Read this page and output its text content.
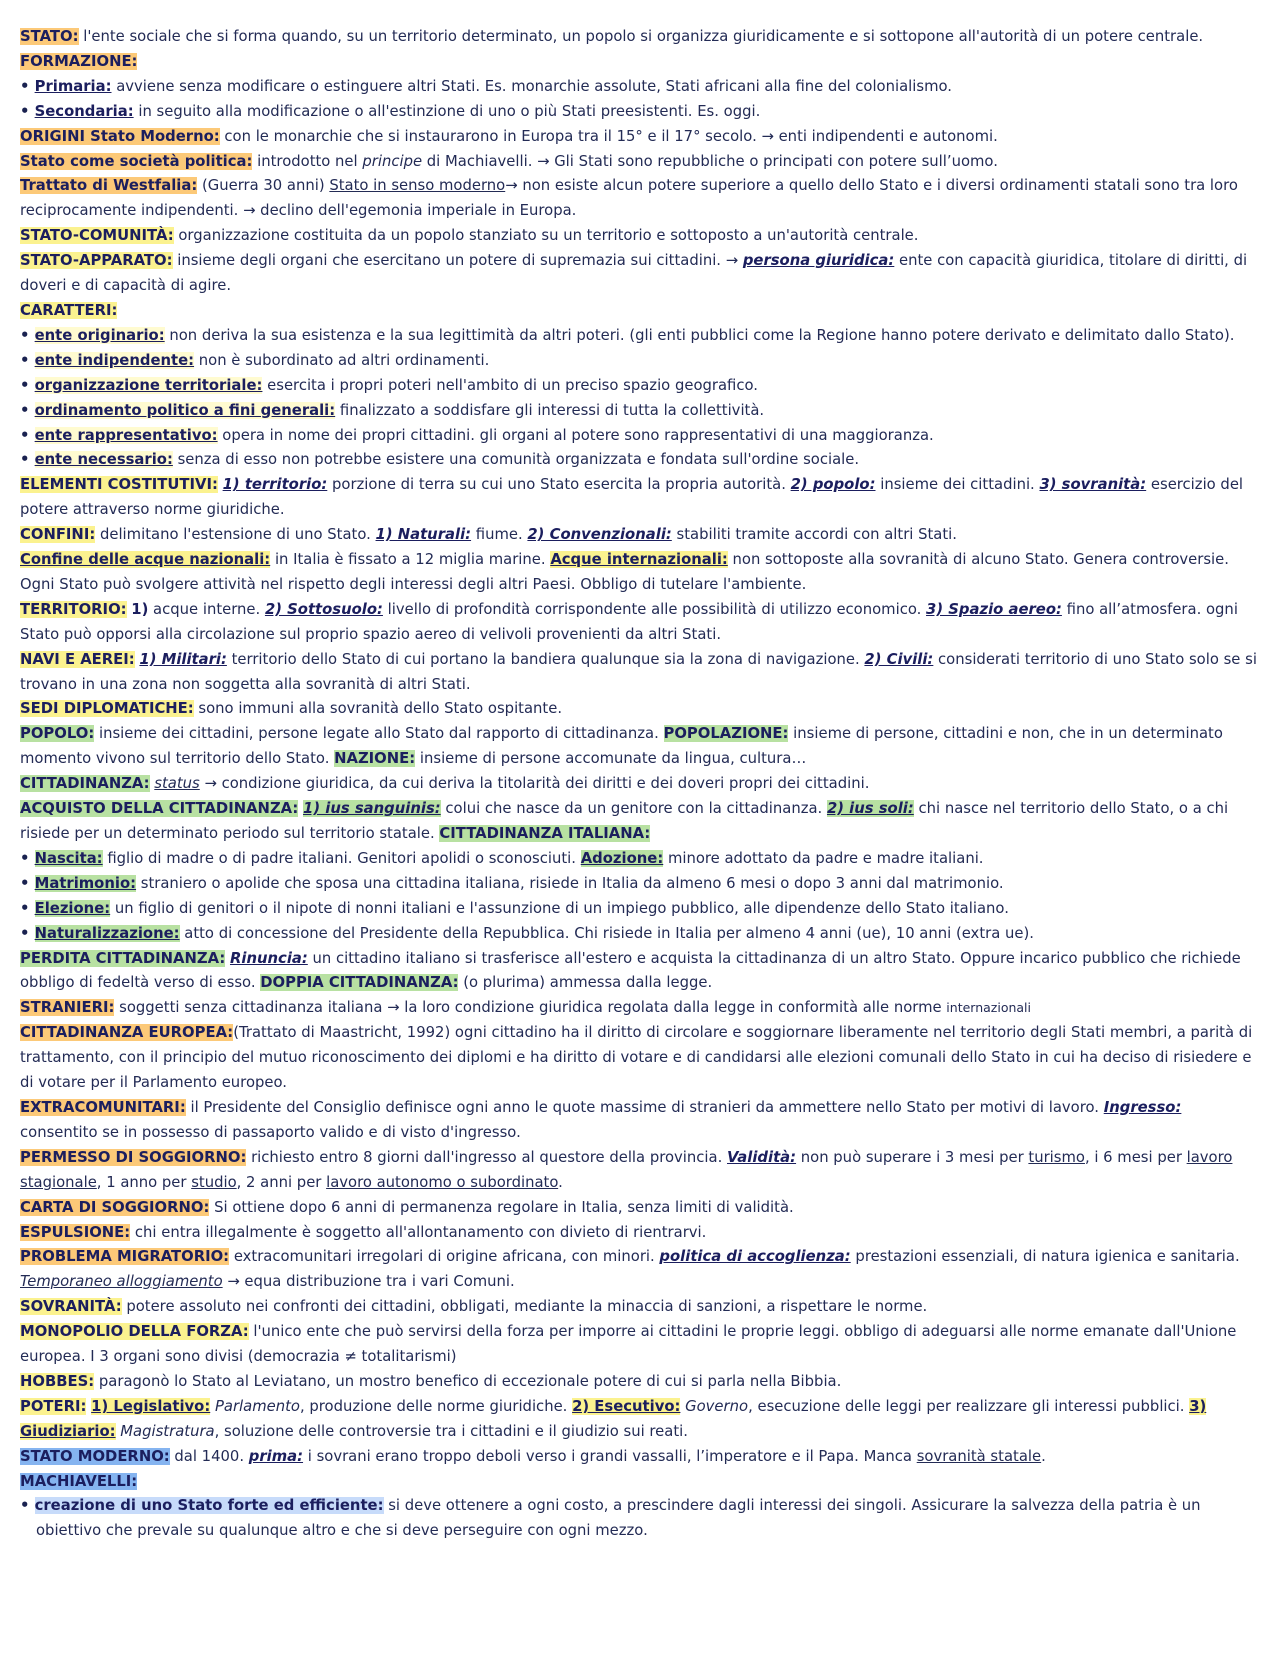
STATO: l'ente sociale che si forma quando, su un territorio determinato, un popolo si organizza giuridicamente e si sottopone all'autorità di un potere centrale.
FORMAZIONE:
• Primaria: avviene senza modificare o estinguere altri Stati. Es. monarchie assolute, Stati africani alla fine del colonialismo.
• Secondaria: in seguito alla modificazione o all'estinzione di uno o più Stati preesistenti. Es. oggi.
ORIGINI Stato Moderno: con le monarchie che si instaurarono in Europa tra il 15° e il 17° secolo. → enti indipendenti e autonomi.
Stato come società politica: introdotto nel principe di Machiavelli. → Gli Stati sono repubbliche o principati con potere sull’uomo.
Trattato di Westfalia: (Guerra 30 anni) Stato in senso moderno→ non esiste alcun potere superiore a quello dello Stato e i diversi ordinamenti statali sono tra loro reciprocamente indipendenti. → declino dell'egemonia imperiale in Europa.
STATO-COMUNITÀ: organizzazione costituita da un popolo stanziato su un territorio e sottoposto a un'autorità centrale.
STATO-APPARATO: insieme degli organi che esercitano un potere di supremazia sui cittadini. → persona giuridica: ente con capacità giuridica, titolare di diritti, di doveri e di capacità di agire.
CARATTERI:
• ente originario: non deriva la sua esistenza e la sua legittimità da altri poteri. (gli enti pubblici come la Regione hanno potere derivato e delimitato dallo Stato).
• ente indipendente: non è subordinato ad altri ordinamenti.
• organizzazione territoriale: esercita i propri poteri nell'ambito di un preciso spazio geografico.
• ordinamento politico a fini generali: finalizzato a soddisfare gli interessi di tutta la collettività.
• ente rappresentativo: opera in nome dei propri cittadini. gli organi al potere sono rappresentativi di una maggioranza.
• ente necessario: senza di esso non potrebbe esistere una comunità organizzata e fondata sull'ordine sociale.
ELEMENTI COSTITUTIVI: 1) territorio: porzione di terra su cui uno Stato esercita la propria autorità. 2) popolo: insieme dei cittadini. 3) sovranità: esercizio del potere attraverso norme giuridiche.
CONFINI: delimitano l'estensione di uno Stato. 1) Naturali: fiume. 2) Convenzionali: stabiliti tramite accordi con altri Stati.
Confine delle acque nazionali: in Italia è fissato a 12 miglia marine. Acque internazionali: non sottoposte alla sovranità di alcuno Stato. Genera controversie. Ogni Stato può svolgere attività nel rispetto degli interessi degli altri Paesi. Obbligo di tutelare l'ambiente.
TERRITORIO: 1) acque interne. 2) Sottosuolo: livello di profondità corrispondente alle possibilità di utilizzo economico. 3) Spazio aereo: fino all’atmosfera. ogni Stato può opporsi alla circolazione sul proprio spazio aereo di velivoli provenienti da altri Stati.
NAVI E AEREI: 1) Militari: territorio dello Stato di cui portano la bandiera qualunque sia la zona di navigazione. 2) Civili: considerati territorio di uno Stato solo se si trovano in una zona non soggetta alla sovranità di altri Stati.
SEDI DIPLOMATICHE: sono immuni alla sovranità dello Stato ospitante.
POPOLO: insieme dei cittadini, persone legate allo Stato dal rapporto di cittadinanza. POPOLAZIONE: insieme di persone, cittadini e non, che in un determinato momento vivono sul territorio dello Stato. NAZIONE: insieme di persone accomunate da lingua, cultura…
CITTADINANZA: status → condizione giuridica, da cui deriva la titolarità dei diritti e dei doveri propri dei cittadini.
ACQUISTO DELLA CITTADINANZA: 1) ius sanguinis: colui che nasce da un genitore con la cittadinanza. 2) ius soli: chi nasce nel territorio dello Stato, o a chi risiede per un determinato periodo sul territorio statale. CITTADINANZA ITALIANA:
• Nascita: figlio di madre o di padre italiani. Genitori apolidi o sconosciuti. Adozione: minore adottato da padre e madre italiani.
• Matrimonio: straniero o apolide che sposa una cittadina italiana, risiede in Italia da almeno 6 mesi o dopo 3 anni dal matrimonio.
• Elezione: un figlio di genitori o il nipote di nonni italiani e l'assunzione di un impiego pubblico, alle dipendenze dello Stato italiano.
• Naturalizzazione: atto di concessione del Presidente della Repubblica. Chi risiede in Italia per almeno 4 anni (ue), 10 anni (extra ue).
PERDITA CITTADINANZA: Rinuncia: un cittadino italiano si trasferisce all'estero e acquista la cittadinanza di un altro Stato. Oppure incarico pubblico che richiede obbligo di fedeltà verso di esso. DOPPIA CITTADINANZA: (o plurima) ammessa dalla legge.
STRANIERI: soggetti senza cittadinanza italiana → la loro condizione giuridica regolata dalla legge in conformità alle norme internazionali
CITTADINANZA EUROPEA:(Trattato di Maastricht, 1992) ogni cittadino ha il diritto di circolare e soggiornare liberamente nel territorio degli Stati membri, a parità di trattamento, con il principio del mutuo riconoscimento dei diplomi e ha diritto di votare e di candidarsi alle elezioni comunali dello Stato in cui ha deciso di risiedere e di votare per il Parlamento europeo.
EXTRACOMUNITARI: il Presidente del Consiglio definisce ogni anno le quote massime di stranieri da ammettere nello Stato per motivi di lavoro. Ingresso: consentito se in possesso di passaporto valido e di visto d'ingresso.
PERMESSO DI SOGGIORNO: richiesto entro 8 giorni dall'ingresso al questore della provincia. Validità: non può superare i 3 mesi per turismo, i 6 mesi per lavoro stagionale, 1 anno per studio, 2 anni per lavoro autonomo o subordinato.
CARTA DI SOGGIORNO: Si ottiene dopo 6 anni di permanenza regolare in Italia, senza limiti di validità.
ESPULSIONE: chi entra illegalmente è soggetto all'allontanamento con divieto di rientrarvi.
PROBLEMA MIGRATORIO: extracomunitari irregolari di origine africana, con minori. politica di accoglienza: prestazioni essenziali, di natura igienica e sanitaria. Temporaneo alloggiamento → equa distribuzione tra i vari Comuni.
SOVRANITÀ: potere assoluto nei confronti dei cittadini, obbligati, mediante la minaccia di sanzioni, a rispettare le norme.
MONOPOLIO DELLA FORZA: l'unico ente che può servirsi della forza per imporre ai cittadini le proprie leggi. obbligo di adeguarsi alle norme emanate dall'Unione europea. I 3 organi sono divisi (democrazia ≠ totalitarismi)
HOBBES: paragonò lo Stato al Leviatano, un mostro benefico di eccezionale potere di cui si parla nella Bibbia.
POTERI: 1) Legislativo: Parlamento, produzione delle norme giuridiche. 2) Esecutivo: Governo, esecuzione delle leggi per realizzare gli interessi pubblici. 3) Giudiziario: Magistratura, soluzione delle controversie tra i cittadini e il giudizio sui reati.
STATO MODERNO: dal 1400. prima: i sovrani erano troppo deboli verso i grandi vassalli, l’imperatore e il Papa. Manca sovranità statale.
MACHIAVELLI:
• creazione di uno Stato forte ed efficiente: si deve ottenere a ogni costo, a prescindere dagli interessi dei singoli. Assicurare la salvezza della patria è un obiettivo che prevale su qualunque altro e che si deve perseguire con ogni mezzo.
